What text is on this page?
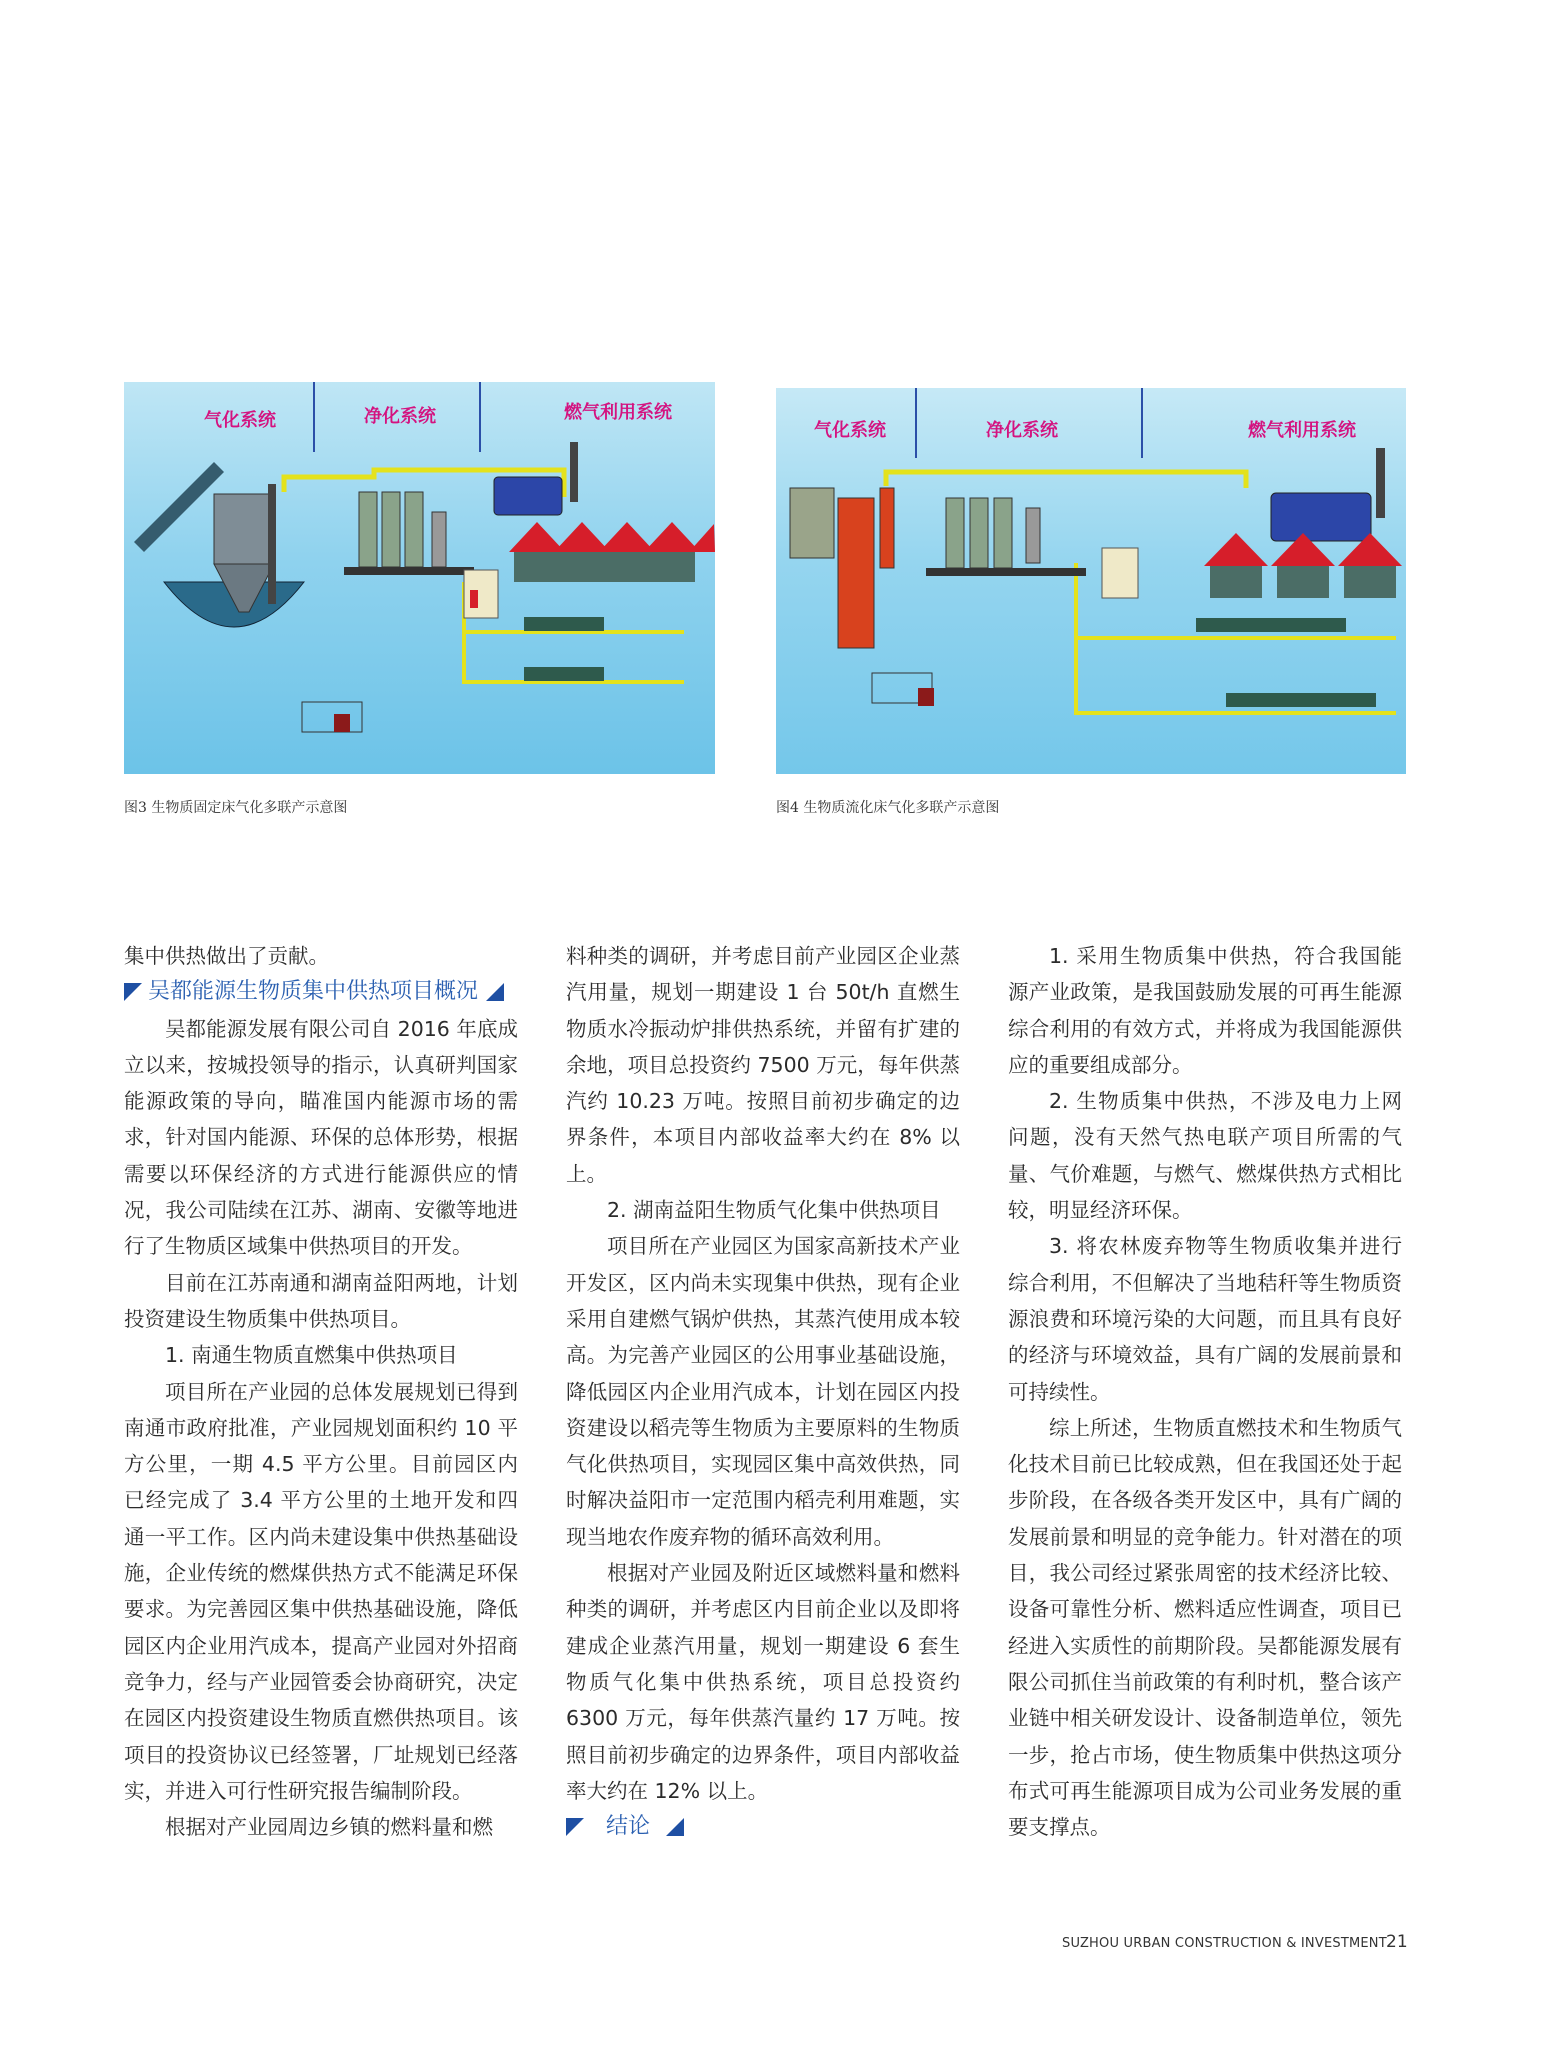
气化系统	净化系统	燃气利用系统
图3 生物质固定床气化多联产示意图
气化系统	净化系统	燃气利用系统
图4 生物质流化床气化多联产示意图

集中供热做出了贡献。

吴都能源生物质集中供热项目概况

吴都能源发展有限公司自 2016 年底成立以来，按城投领导的指示，认真研判国家能源政策的导向，瞄准国内能源市场的需求，针对国内能源、环保的总体形势，根据需要以环保经济的方式进行能源供应的情况，我公司陆续在江苏、湖南、安徽等地进行了生物质区域集中供热项目的开发。

目前在江苏南通和湖南益阳两地，计划投资建设生物质集中供热项目。

1. 南通生物质直燃集中供热项目

项目所在产业园的总体发展规划已得到南通市政府批准，产业园规划面积约 10 平方公里，一期 4.5 平方公里。目前园区内已经完成了 3.4 平方公里的土地开发和四通一平工作。区内尚未建设集中供热基础设施，企业传统的燃煤供热方式不能满足环保要求。为完善园区集中供热基础设施，降低园区内企业用汽成本，提高产业园对外招商竞争力，经与产业园管委会协商研究，决定在园区内投资建设生物质直燃供热项目。该项目的投资协议已经签署，厂址规划已经落实，并进入可行性研究报告编制阶段。

根据对产业园周边乡镇的燃料量和燃

料种类的调研，并考虑目前产业园区企业蒸汽用量，规划一期建设 1 台 50t/h 直燃生物质水冷振动炉排供热系统，并留有扩建的余地，项目总投资约 7500 万元，每年供蒸汽约 10.23 万吨。按照目前初步确定的边界条件，本项目内部收益率大约在 8% 以上。

2. 湖南益阳生物质气化集中供热项目

项目所在产业园区为国家高新技术产业开发区，区内尚未实现集中供热，现有企业采用自建燃气锅炉供热，其蒸汽使用成本较高。为完善产业园区的公用事业基础设施，降低园区内企业用汽成本，计划在园区内投资建设以稻壳等生物质为主要原料的生物质气化供热项目，实现园区集中高效供热，同时解决益阳市一定范围内稻壳利用难题，实现当地农作废弃物的循环高效利用。

根据对产业园及附近区域燃料量和燃料种类的调研，并考虑区内目前企业以及即将建成企业蒸汽用量，规划一期建设 6 套生物质气化集中供热系统，项目总投资约 6300 万元，每年供蒸汽量约 17 万吨。按照目前初步确定的边界条件，项目内部收益率大约在 12% 以上。

结论

1. 采用生物质集中供热，符合我国能源产业政策，是我国鼓励发展的可再生能源综合利用的有效方式，并将成为我国能源供应的重要组成部分。

2. 生物质集中供热，不涉及电力上网问题，没有天然气热电联产项目所需的气量、气价难题，与燃气、燃煤供热方式相比较，明显经济环保。

3. 将农林废弃物等生物质收集并进行综合利用，不但解决了当地秸秆等生物质资源浪费和环境污染的大问题，而且具有良好的经济与环境效益，具有广阔的发展前景和可持续性。

综上所述，生物质直燃技术和生物质气化技术目前已比较成熟，但在我国还处于起步阶段，在各级各类开发区中，具有广阔的发展前景和明显的竞争能力。针对潜在的项目，我公司经过紧张周密的技术经济比较、设备可靠性分析、燃料适应性调查，项目已经进入实质性的前期阶段。吴都能源发展有限公司抓住当前政策的有利时机，整合该产业链中相关研发设计、设备制造单位，领先一步，抢占市场，使生物质集中供热这项分布式可再生能源项目成为公司业务发展的重要支撑点。

SUZHOU URBAN CONSTRUCTION & INVESTMENT 21
